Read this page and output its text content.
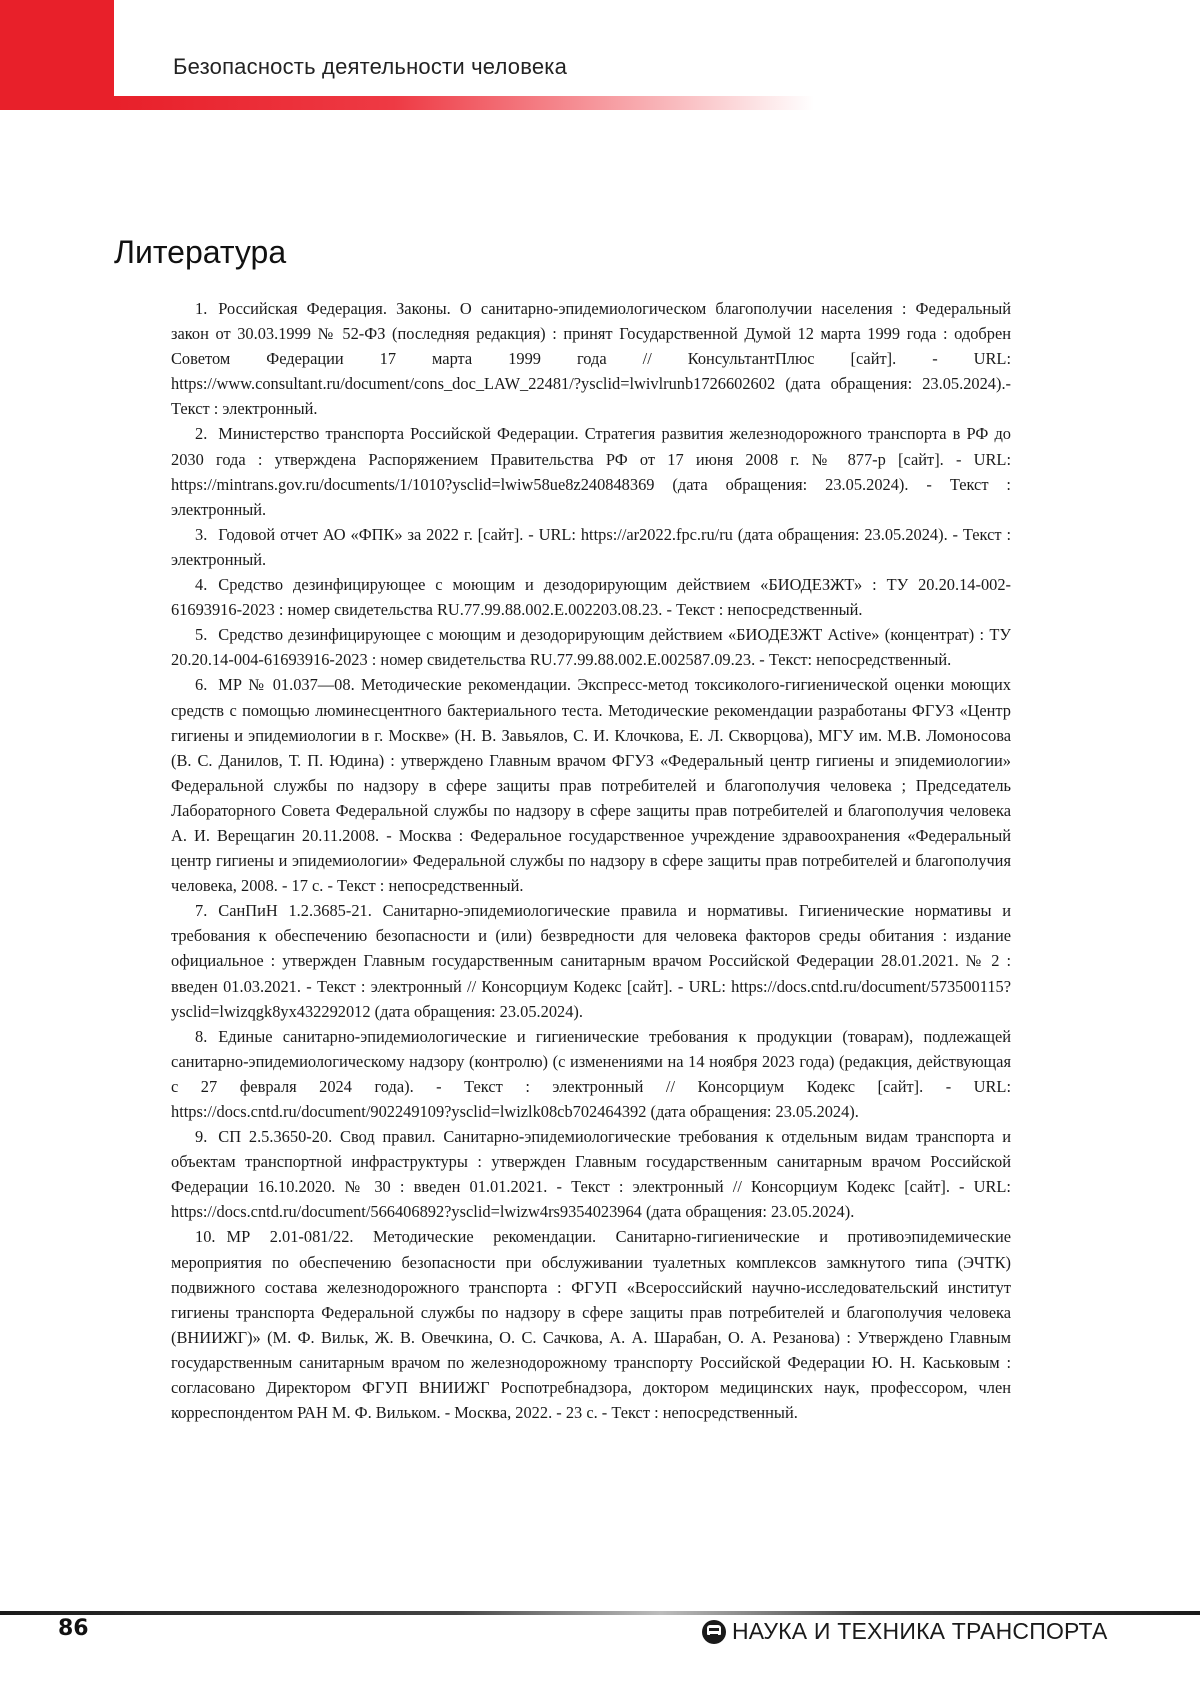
Безопасность деятельности человека
Литература
1. Российская Федерация. Законы. О санитарно-эпидемиологическом благополучии населения : Федеральный закон от 30.03.1999 № 52-ФЗ (последняя редакция) : принят Государственной Думой 12 марта 1999 года : одобрен Советом Федерации 17 марта 1999 года // КонсультантПлюс [сайт]. - URL: https://www.consultant.ru/document/cons_doc_LAW_22481/?ysclid=lwivlrunb1726602602 (дата обращения: 23.05.2024).- Текст : электронный.
2. Министерство транспорта Российской Федерации. Стратегия развития железнодорожного транспорта в РФ до 2030 года : утверждена Распоряжением Правительства РФ от 17 июня 2008 г. № 877-р [сайт]. - URL: https://mintrans.gov.ru/documents/1/1010?ysclid=lwiw58ue8z240848369 (дата обращения: 23.05.2024). - Текст : электронный.
3. Годовой отчет АО «ФПК» за 2022 г. [сайт]. - URL: https://ar2022.fpc.ru/ru (дата обращения: 23.05.2024). - Текст : электронный.
4. Средство дезинфицирующее с моющим и дезодорирующим действием «БИОДЕЗЖТ» : ТУ 20.20.14-002-61693916-2023 : номер свидетельства RU.77.99.88.002.E.002203.08.23. - Текст : непосредственный.
5. Средство дезинфицирующее с моющим и дезодорирующим действием «БИОДЕЗЖТ Active» (концентрат) : ТУ 20.20.14-004-61693916-2023 : номер свидетельства RU.77.99.88.002.E.002587.09.23. - Текст: непосредственный.
6. МР № 01.037—08. Методические рекомендации. Экспресс-метод токсиколого-гигиенической оценки моющих средств с помощью люминесцентного бактериального теста. Методические рекомендации разработаны ФГУЗ «Центр гигиены и эпидемиологии в г. Москве» (Н. В. Завьялов, С. И. Клочкова, Е. Л. Скворцова), МГУ им. М.В. Ломоносова (В. С. Данилов, Т. П. Юдина) : утверждено Главным врачом ФГУЗ «Федеральный центр гигиены и эпидемиологии» Федеральной службы по надзору в сфере защиты прав потребителей и благополучия человека ; Председатель Лабораторного Совета Федеральной службы по надзору в сфере защиты прав потребителей и благополучия человека А. И. Верещагин 20.11.2008. - Москва : Федеральное государственное учреждение здравоохранения «Федеральный центр гигиены и эпидемиологии» Федеральной службы по надзору в сфере защиты прав потребителей и благополучия человека, 2008. - 17 с. - Текст : непосредственный.
7. СанПиН 1.2.3685-21. Санитарно-эпидемиологические правила и нормативы. Гигиенические нормативы и требования к обеспечению безопасности и (или) безвредности для человека факторов среды обитания : издание официальное : утвержден Главным государственным санитарным врачом Российской Федерации 28.01.2021. № 2 : введен 01.03.2021. - Текст : электронный // Консорциум Кодекс [сайт]. - URL: https://docs.cntd.ru/document/573500115?ysclid=lwizqgk8yx432292012 (дата обращения: 23.05.2024).
8. Единые санитарно-эпидемиологические и гигиенические требования к продукции (товарам), подлежащей санитарно-эпидемиологическому надзору (контролю) (с изменениями на 14 ноября 2023 года) (редакция, действующая с 27 февраля 2024 года). - Текст : электронный // Консорциум Кодекс [сайт]. - URL: https://docs.cntd.ru/document/902249109?ysclid=lwizlk08cb702464392 (дата обращения: 23.05.2024).
9. СП 2.5.3650-20. Свод правил. Санитарно-эпидемиологические требования к отдельным видам транспорта и объектам транспортной инфраструктуры : утвержден Главным государственным санитарным врачом Российской Федерации 16.10.2020. № 30 : введен 01.01.2021. - Текст : электронный // Консорциум Кодекс [сайт]. - URL: https://docs.cntd.ru/document/566406892?ysclid=lwizw4rs9354023964 (дата обращения: 23.05.2024).
10. МР 2.01-081/22. Методические рекомендации. Санитарно-гигиенические и противоэпидемические мероприятия по обеспечению безопасности при обслуживании туалетных комплексов замкнутого типа (ЭЧТК) подвижного состава железнодорожного транспорта : ФГУП «Всероссийский научно-исследовательский институт гигиены транспорта Федеральной службы по надзору в сфере защиты прав потребителей и благополучия человека (ВНИИЖГ)» (М. Ф. Вильк, Ж. В. Овечкина, О. С. Сачкова, А. А. Шарабан, О. А. Резанова) : Утверждено Главным государственным санитарным врачом по железнодорожному транспорту Российской Федерации Ю. Н. Каськовым : согласовано Директором ФГУП ВНИИЖГ Роспотребнадзора, доктором медицинских наук, профессором, член корреспондентом РАН М. Ф. Вильком. - Москва, 2022. - 23 с. - Текст : непосредственный.
86	НАУКА И ТЕХНИКА ТРАНСПОРТА
